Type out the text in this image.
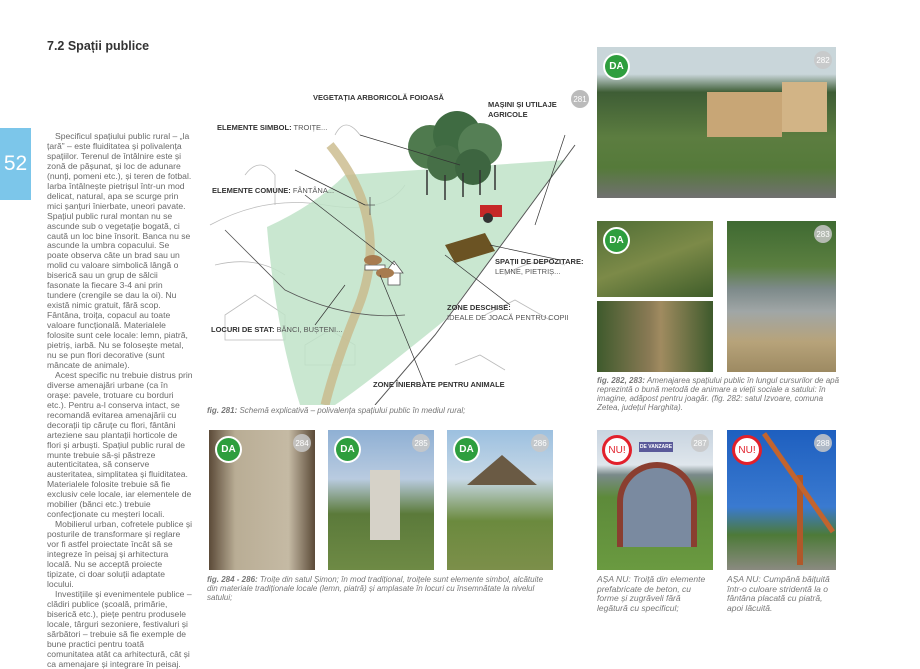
7.2 Spații publice
52

Specificul spațiului public rural – „la țară” – este fluiditatea și polivalența spațiilor. Terenul de întâlnire este și zonă de pășunat, și loc de adunare (nunți, pomeni etc.), și teren de fotbal. Iarba întâlnește pietrișul într-un mod delicat, natural, apa se scurge prin mici șanțuri înierbate, uneori pavate. Spațiul public rural montan nu se ascunde sub o vegetație bogată, ci caută un loc bine însorit. Banca nu se ascunde la umbra copacului. Se poate observa câte un brad sau un molid cu valoare simbolică lângă o biserică sau un grup de sălcii fasonate la fiecare 3-4 ani prin tundere (crengile se dau la oi). Nu există nimic gratuit, fără scop. Fântâna, troița, copacul au toate valoare funcțională. Materialele folosite sunt cele locale: lemn, piatră, pietriș, iarbă. Nu se folosește metal, nu se pun flori decorative (sunt mâncate de animale).

Acest specific nu trebuie distrus prin diverse amenajări urbane (ca în orașe: pavele, trotuare cu borduri etc.). Pentru a-l conserva intact, se recomandă evitarea amenajării cu decorații tip căruțe cu flori, fântâni arteziene sau plantații horticole de flori și arbuști. Spațiul public rural de munte trebuie să-și păstreze autenticitatea, să conserve austeritatea, simplitatea și fluiditatea. Materialele folosite trebuie să fie exclusiv cele locale, iar elementele de mobilier (bănci etc.) trebuie confecționate cu meșteri locali.

Mobilierul urban, cofretele publice și posturile de transformare și reglare vor fi astfel proiectate încât să se integreze în peisaj și arhitectura locală. Nu se acceptă proiecte tipizate, ci doar soluții adaptate locului.

Investițiile și evenimentele publice – clădiri publice (școală, primărie, biserică etc.), piețe pentru produsele locale, târguri sezoniere, festivaluri și sărbători – trebuie să fie exemple de bune practici pentru toată comunitatea atât ca arhitectură, cât și ca amenajare și integrare în peisaj.

VEGETAȚIA ARBORICOLĂ FOIOASĂ
MAȘINI ȘI UTILAJE
AGRICOLE
ELEMENTE SIMBOL: TROIȚE...
ELEMENTE COMUNE: FÂNTÂNA...
SPAȚII DE DEPOZITARE:
LEMNE, PIETRIȘ...
ZONE DESCHISE:
IDEALE DE JOACĂ PENTRU COPII
LOCURI DE STAT: BĂNCI, BUȘTENI...
ZONE ÎNIERBATE PENTRU ANIMALE
281
fig. 281: Schemă explicativă – polivalența spațiului public în mediul rural;
DA
282
DA
283
fig. 282, 283: Amenajarea spațiului public în lungul cursurilor de apă reprezintă o bună metodă de animare a vieții sociale a satului: în imagine, adăpost pentru joagăr. (fig. 282: satul Izvoare, comuna Zetea, județul Harghita).
DA
284
DA
285
DA
286
fig. 284 - 286: Troițe din satul Șimon; în mod tradițional, troițele sunt elemente simbol, alcătuite din materiale tradiționale locale (lemn, piatră) și amplasate în locuri cu însemnătate la nivelul satului;
DE VANZARE
NU!
287
NU!
288
AȘA NU: Troiță din elemente prefabricate de beton, cu forme și zugrăveli fără legătură cu specificul;
AȘA NU: Cumpănă băițuită într-o culoare stridentă la o fântâna placată cu piatră, apoi lăcuită.
